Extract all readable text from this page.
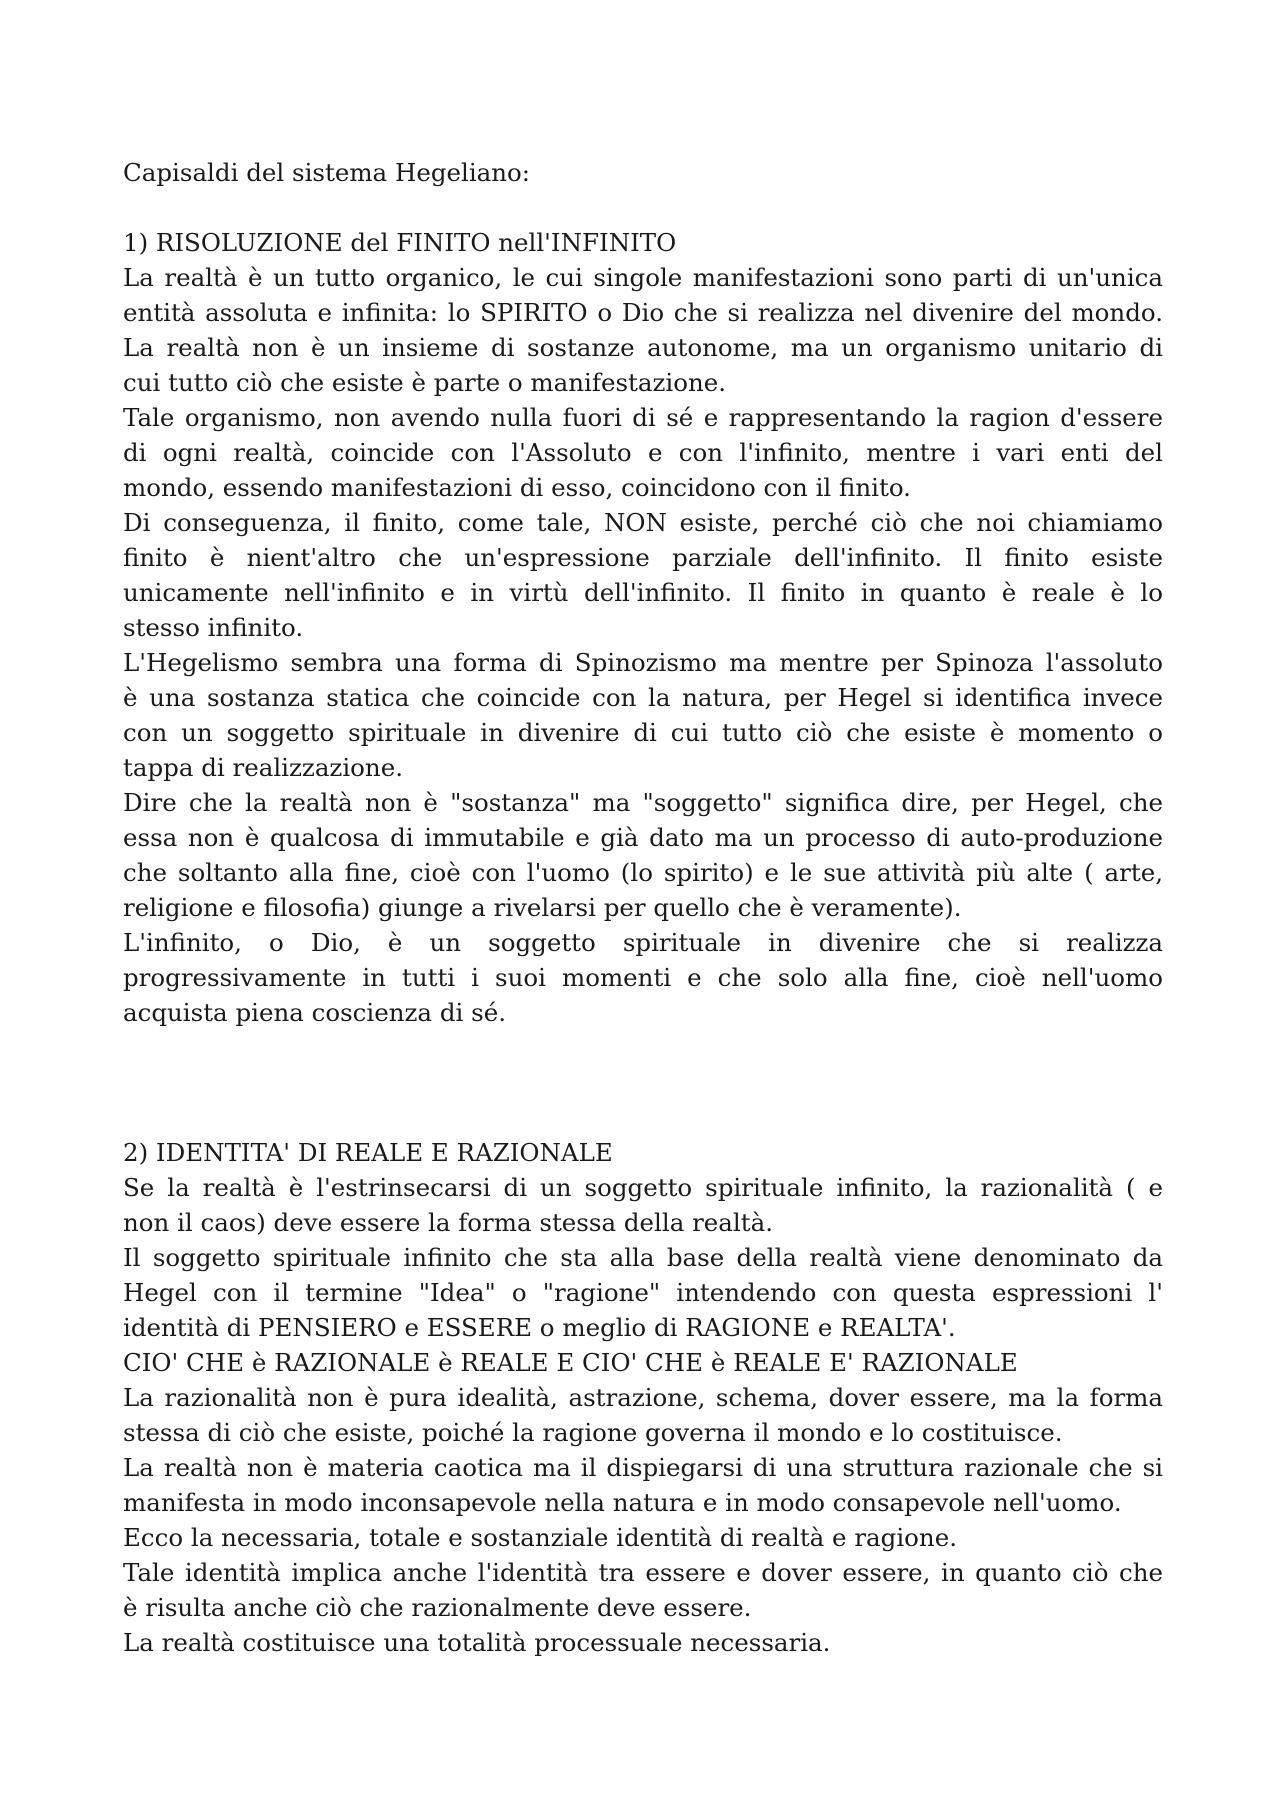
Capisaldi del sistema Hegeliano:
1) RISOLUZIONE del FINITO nell'INFINITO
La realtà è un tutto organico, le cui singole manifestazioni sono parti di un'unica
entità assoluta e infinita: lo SPIRITO o Dio che si realizza nel divenire del mondo.
La realtà non è un insieme di sostanze autonome, ma un organismo unitario di
cui tutto ciò che esiste è parte o manifestazione.
Tale organismo, non avendo nulla fuori di sé e rappresentando la ragion d'essere
di ogni realtà, coincide con l'Assoluto e con l'infinito, mentre i vari enti del
mondo, essendo manifestazioni di esso, coincidono con il finito.
Di conseguenza, il finito, come tale, NON esiste, perché ciò che noi chiamiamo
finito è nient'altro che un'espressione parziale dell'infinito. Il finito esiste
unicamente nell'infinito e in virtù dell'infinito. Il finito in quanto è reale è lo
stesso infinito.
L'Hegelismo sembra una forma di Spinozismo ma mentre per Spinoza l'assoluto
è una sostanza statica che coincide con la natura, per Hegel si identifica invece
con un soggetto spirituale in divenire di cui tutto ciò che esiste è momento o
tappa di realizzazione.
Dire che la realtà non è "sostanza" ma "soggetto" significa dire, per Hegel, che
essa non è qualcosa di immutabile e già dato ma un processo di auto-produzione
che soltanto alla fine, cioè con l'uomo (lo spirito) e le sue attività più alte ( arte,
religione e filosofia) giunge a rivelarsi per quello che è veramente).
L'infinito, o Dio, è un soggetto spirituale in divenire che si realizza
progressivamente in tutti i suoi momenti e che solo alla fine, cioè nell'uomo
acquista piena coscienza di sé.
2) IDENTITA' DI REALE E RAZIONALE
Se la realtà è l'estrinsecarsi di un soggetto spirituale infinito, la razionalità ( e
non il caos) deve essere la forma stessa della realtà.
Il soggetto spirituale infinito che sta alla base della realtà viene denominato da
Hegel con il termine "Idea" o "ragione" intendendo con questa espressioni l'
identità di PENSIERO e ESSERE o meglio di RAGIONE e REALTA'.
CIO' CHE è RAZIONALE è REALE E CIO' CHE è REALE E' RAZIONALE
La razionalità non è pura idealità, astrazione, schema, dover essere, ma la forma
stessa di ciò che esiste, poiché la ragione governa il mondo e lo costituisce.
La realtà non è materia caotica ma il dispiegarsi di una struttura razionale che si
manifesta in modo inconsapevole nella natura e in modo consapevole nell'uomo.
Ecco la necessaria, totale e sostanziale identità di realtà e ragione.
Tale identità implica anche l'identità tra essere e dover essere, in quanto ciò che
è risulta anche ciò che razionalmente deve essere.
La realtà costituisce una totalità processuale necessaria.
